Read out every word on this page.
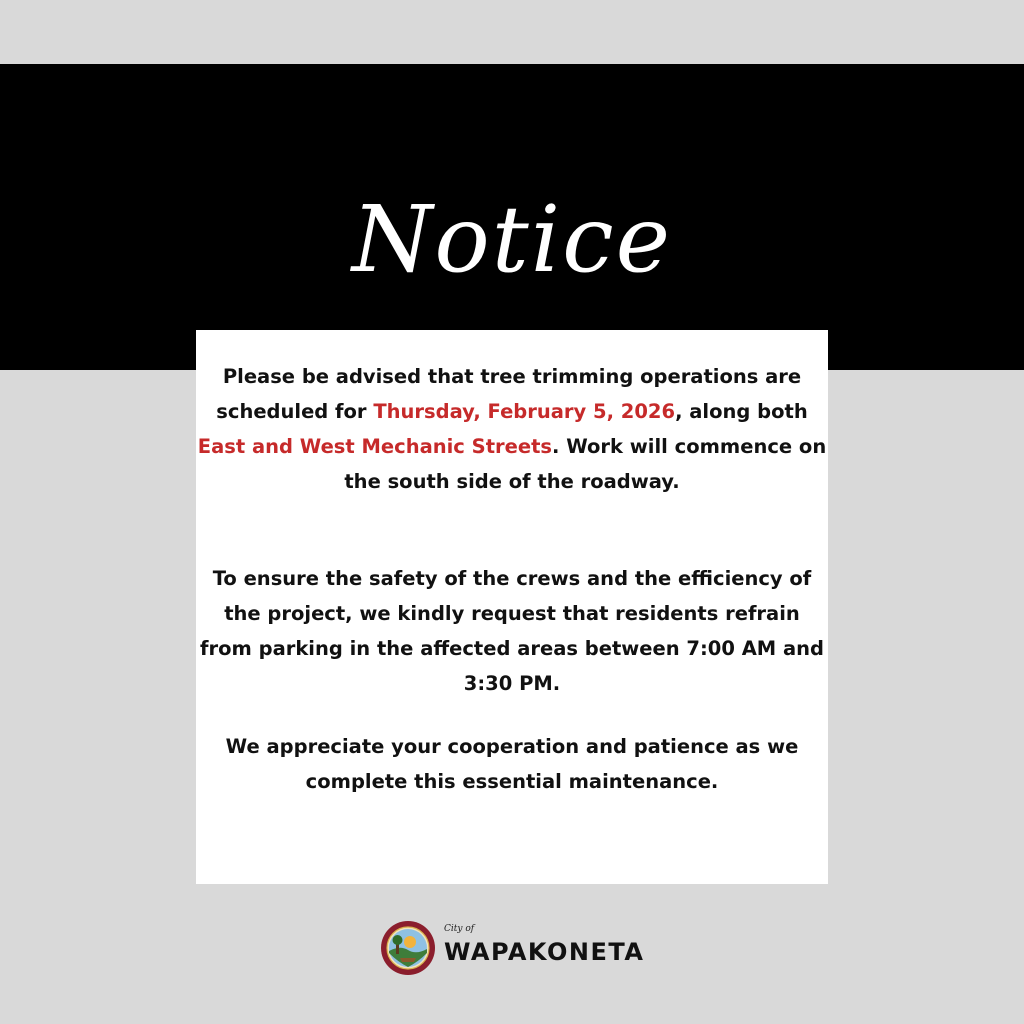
Notice

Please be advised that tree trimming operations are scheduled for Thursday, February 5, 2026, along both East and West Mechanic Streets. Work will commence on the south side of the roadway.

To ensure the safety of the crews and the efficiency of the project, we kindly request that residents refrain from parking in the affected areas between 7:00 AM and 3:30 PM.

We appreciate your cooperation and patience as we complete this essential maintenance.

City of
WAPAKONETA
